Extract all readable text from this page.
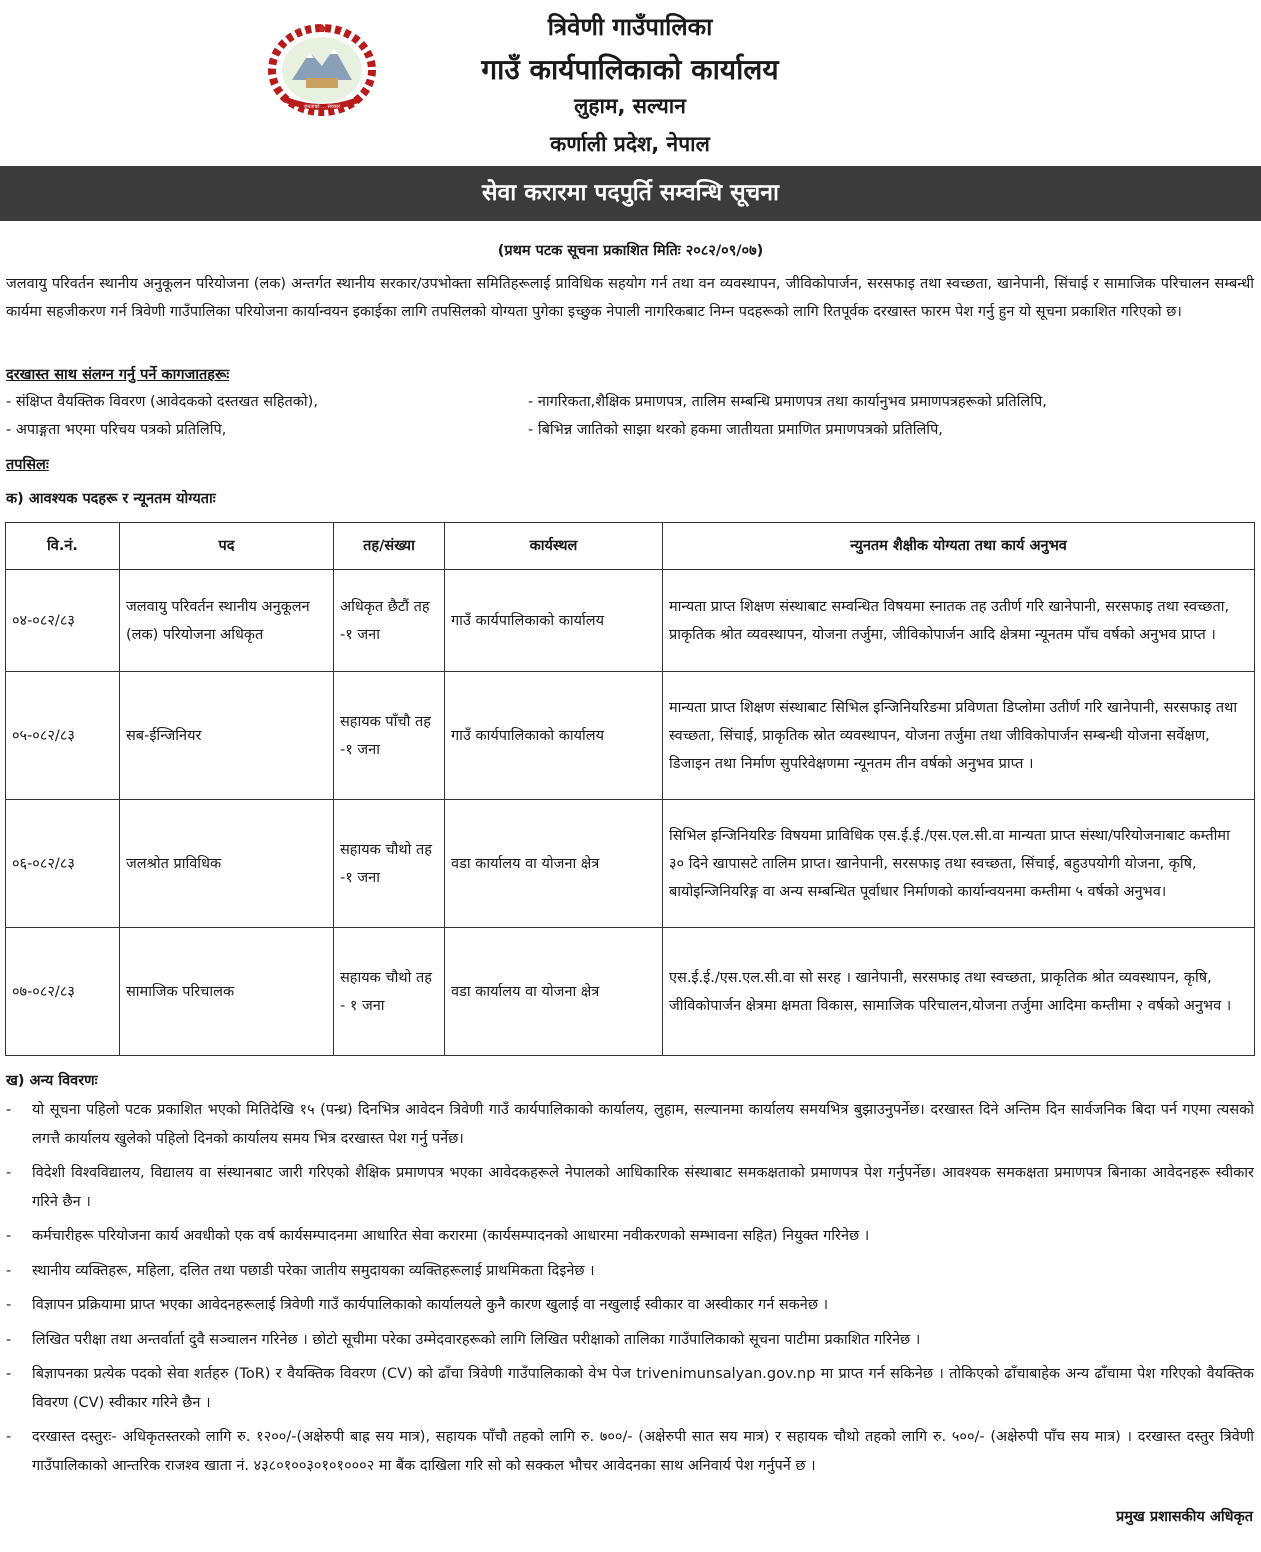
जनताको ... सरकार
त्रिवेणी गाउँपालिका
गाउँ कार्यपालिकाको कार्यालय
लुहाम, सल्यान
कर्णाली प्रदेश, नेपाल
सेवा करारमा पदपुर्ति सम्वन्धि सूचना
(प्रथम पटक सूचना प्रकाशित मितिः २०८२/०९/०७)
जलवायु परिवर्तन स्थानीय अनुकूलन परियोजना (लक) अन्तर्गत स्थानीय सरकार/उपभोक्ता समितिहरूलाई प्राविधिक सहयोग गर्न तथा वन व्यवस्थापन, जीविकोपार्जन, सरसफाइ तथा स्वच्छता, खानेपानी, सिंचाई र सामाजिक परिचालन सम्बन्धी कार्यमा सहजीकरण गर्न त्रिवेणी गाउँपालिका परियोजना कार्यान्वयन इकाईका लागि तपसिलको योग्यता पुगेका इच्छुक नेपाली नागरिकबाट निम्न पदहरूको लागि रितपूर्वक दरखास्त फारम पेश गर्नु हुन यो सूचना प्रकाशित गरिएको छ।
दरखास्त साथ संलग्न गर्नु पर्ने कागजातहरूः
- संक्षिप्त वैयक्तिक विवरण (आवेदकको दस्तखत सहितको),
- अपाङ्गता भएमा परिचय पत्रको प्रतिलिपि,
- नागरिकता,शैक्षिक प्रमाणपत्र, तालिम सम्बन्धि प्रमाणपत्र तथा कार्यानुभव प्रमाणपत्रहरूको प्रतिलिपि,
- बिभिन्न जातिको साझा थरको हकमा जातीयता प्रमाणित प्रमाणपत्रको प्रतिलिपि,
तपसिलः
क) आवश्यक पदहरू र न्यूनतम योग्यताः
वि.नं.	पद	तह/संख्या	कार्यस्थल	न्युनतम शैक्षीक योग्यता तथा कार्य अनुभव
०४-०८२/८३	जलवायु परिवर्तन स्थानीय अनुकूलन (लक) परियोजना अधिकृत	अधिकृत छैटौं तह -१ जना	गाउँ कार्यपालिकाको कार्यालय	मान्यता प्राप्त शिक्षण संस्थाबाट सम्वन्धित विषयमा स्नातक तह उतीर्ण गरि खानेपानी, सरसफाइ तथा स्वच्छता, प्राकृतिक श्रोत व्यवस्थापन, योजना तर्जुमा, जीविकोपार्जन आदि क्षेत्रमा न्यूनतम पाँच वर्षको अनुभव प्राप्त ।
०५-०८२/८३	सब-ईन्जिनियर	सहायक पाँचौ तह -१ जना	गाउँ कार्यपालिकाको कार्यालय	मान्यता प्राप्त शिक्षण संस्थाबाट सिभिल इन्जिनियरिङमा प्रविणता डिप्लोमा उतीर्ण गरि खानेपानी, सरसफाइ तथा स्वच्छता, सिंचाई, प्राकृतिक स्रोत व्यवस्थापन, योजना तर्जुमा तथा जीविकोपार्जन सम्बन्धी योजना सर्वेक्षण, डिजाइन तथा निर्माण सुपरिवेक्षणमा न्यूनतम तीन वर्षको अनुभव प्राप्त ।
०६-०८२/८३	जलश्रोत प्राविधिक	सहायक चौथो तह -१ जना	वडा कार्यालय वा योजना क्षेत्र	सिभिल इन्जिनियरिङ विषयमा प्राविधिक एस.ई.ई./एस.एल.सी.वा मान्यता प्राप्त संस्था/परियोजनाबाट कम्तीमा ३० दिने खापासटे तालिम प्राप्त। खानेपानी, सरसफाइ तथा स्वच्छता, सिंचाई, बहुउपयोगी योजना, कृषि, बायोइन्जिनियरिङ्ग वा अन्य सम्बन्धित पूर्वाधार निर्माणको कार्यान्वयनमा कम्तीमा ५ वर्षको अनुभव।
०७-०८२/८३	सामाजिक परिचालक	सहायक चौथो तह - १ जना	वडा कार्यालय वा योजना क्षेत्र	एस.ई.ई./एस.एल.सी.वा सो सरह । खानेपानी, सरसफाइ तथा स्वच्छता, प्राकृतिक श्रोत व्यवस्थापन, कृषि, जीविकोपार्जन क्षेत्रमा क्षमता विकास, सामाजिक परिचालन,योजना तर्जुमा आदिमा कम्तीमा २ वर्षको अनुभव ।
ख) अन्य विवरणः
- यो सूचना पहिलो पटक प्रकाशित भएको मितिदेखि १५ (पन्ध्र) दिनभित्र आवेदन त्रिवेणी गाउँ कार्यपालिकाको कार्यालय, लुहाम, सल्यानमा कार्यालय समयभित्र बुझाउनुपर्नेछ। दरखास्त दिने अन्तिम दिन सार्वजनिक बिदा पर्न गएमा त्यसको लगत्तै कार्यालय खुलेको पहिलो दिनको कार्यालय समय भित्र दरखास्त पेश गर्नु पर्नेछ।
- विदेशी विश्वविद्यालय, विद्यालय वा संस्थानबाट जारी गरिएको शैक्षिक प्रमाणपत्र भएका आवेदकहरूले नेपालको आधिकारिक संस्थाबाट समकक्षताको प्रमाणपत्र पेश गर्नुपर्नेछ। आवश्यक समकक्षता प्रमाणपत्र बिनाका आवेदनहरू स्वीकार गरिने छैन ।
- कर्मचारीहरू परियोजना कार्य अवधीको एक वर्ष कार्यसम्पादनमा आधारित सेवा करारमा (कार्यसम्पादनको आधारमा नवीकरणको सम्भावना सहित) नियुक्त गरिनेछ ।
- स्थानीय व्यक्तिहरू, महिला, दलित तथा पछाडी परेका जातीय समुदायका व्यक्तिहरूलाई प्राथमिकता दिइनेछ ।
- विज्ञापन प्रक्रियामा प्राप्त भएका आवेदनहरूलाई त्रिवेणी गाउँ कार्यपालिकाको कार्यालयले कुनै कारण खुलाई वा नखुलाई स्वीकार वा अस्वीकार गर्न सकनेछ ।
- लिखित परीक्षा तथा अन्तर्वार्ता दुवै सञ्चालन गरिनेछ । छोटो सूचीमा परेका उम्मेदवारहरूको लागि लिखित परीक्षाको तालिका गाउँपालिकाको सूचना पाटीमा प्रकाशित गरिनेछ ।
- बिज्ञापनका प्रत्येक पदको सेवा शर्तहरु (ToR) र वैयक्तिक विवरण (CV) को ढाँचा त्रिवेणी गाउँपालिकाको वेभ पेज trivenimunsalyan.gov.np मा प्राप्त गर्न सकिनेछ । तोकिएको ढाँचाबाहेक अन्य ढाँचामा पेश गरिएको वैयक्तिक विवरण (CV) स्वीकार गरिने छैन ।
- दरखास्त दस्तुरः- अधिकृतस्तरको लागि रु. १२००/-(अक्षेरुपी बाह्र सय मात्र), सहायक पाँचौ तहको लागि रु. ७००/- (अक्षेरुपी सात सय मात्र) र सहायक चौथो तहको लागि रु. ५००/- (अक्षेरुपी पाँच सय मात्र) । दरखास्त दस्तुर त्रिवेणी गाउँपालिकाको आन्तरिक राजश्व खाता नं. ४३८०१००३०१०१०००२ मा बैंक दाखिला गरि सो को सक्कल भौचर आवेदनका साथ अनिवार्य पेश गर्नुपर्ने छ ।
प्रमुख प्रशासकीय अधिकृत
